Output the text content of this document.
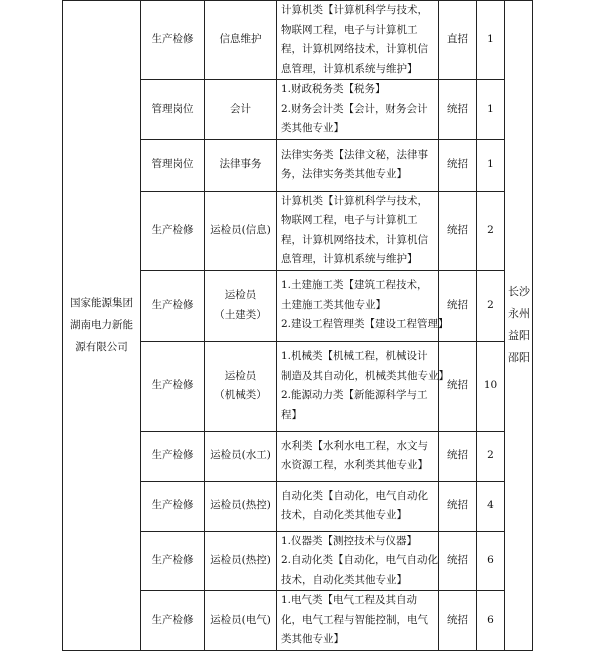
国家能源集团
湖南电力新能
源有限公司	生产检修	信息维护	计算机类【计算机科学与技术，
物联网工程，电子与计算机工
程，计算机网络技术，计算机信
息管理，计算机系统与维护】	直招	1	长沙
永州
益阳
邵阳

	管理岗位	会计	1.财政税务类【税务】
2.财务会计类【会计，财务会计
类其他专业】	统招	1	
	管理岗位	法律事务	法律实务类【法律文秘，法律事
务，法律实务类其他专业】	统招	1	
	生产检修	运检员(信息)	计算机类【计算机科学与技术，
物联网工程，电子与计算机工
程，计算机网络技术，计算机信
息管理，计算机系统与维护】	统招	2	
	生产检修	运检员
（土建类）	1.土建施工类【建筑工程技术，
土建施工类其他专业】
2.建设工程管理类【建设工程管理】	统招	2	
	生产检修	运检员
（机械类）	1.机械类【机械工程，机械设计
制造及其自动化，机械类其他专业】
2.能源动力类【新能源科学与工
程】	统招	10	
	生产检修	运检员(水工)	水利类【水利水电工程，水文与
水资源工程，水利类其他专业】	统招	2	
	生产检修	运检员(热控)	自动化类【自动化，电气自动化
技术，自动化类其他专业】	统招	4	
	生产检修	运检员(热控)	1.仪器类【测控技术与仪器】
2.自动化类【自动化，电气自动化
技术，自动化类其他专业】	统招	6	
	生产检修	运检员(电气)	1.电气类【电气工程及其自动
化，电气工程与智能控制，电气
类其他专业】	统招	6	
